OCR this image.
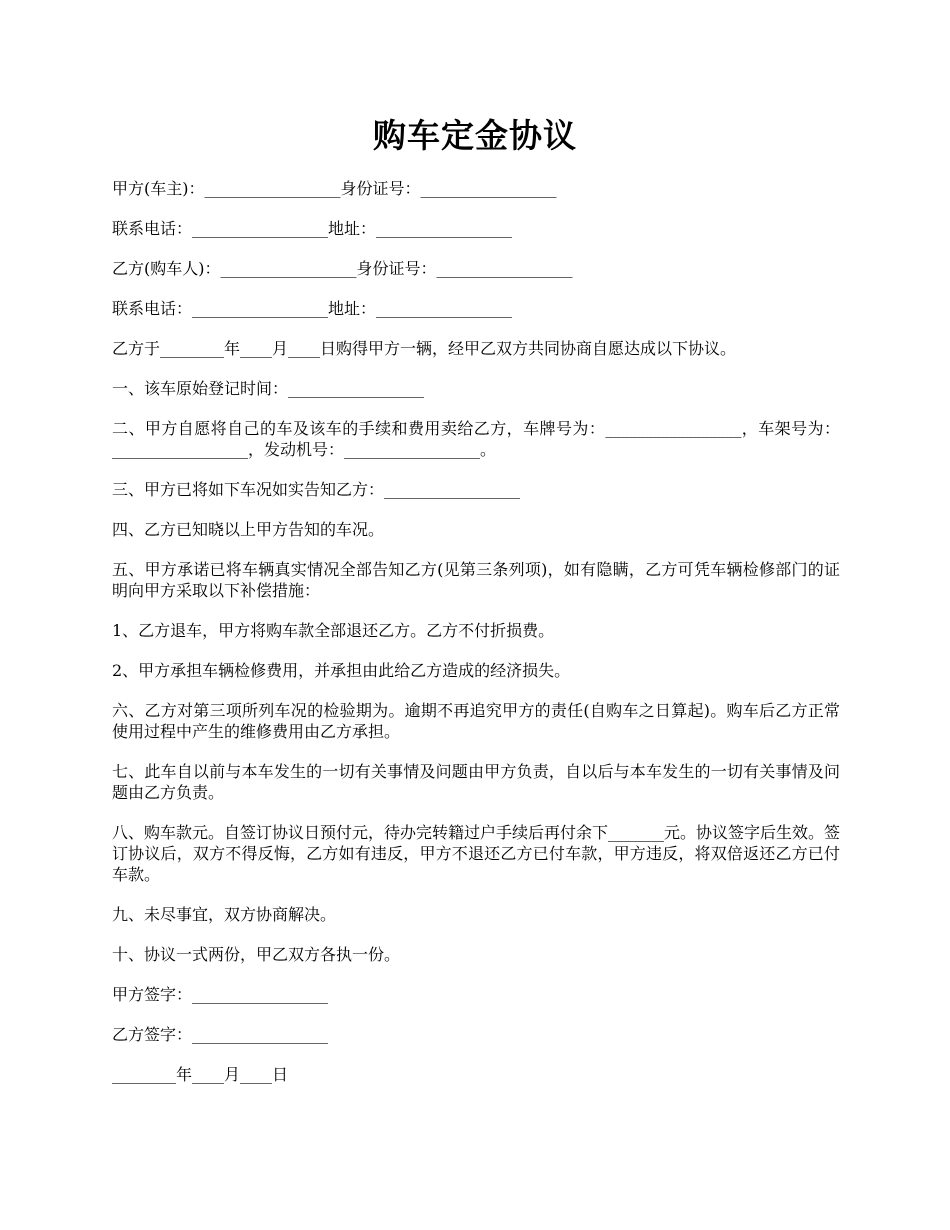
购车定金协议

甲方(车主)：_________________身份证号：_________________

联系电话：_________________地址：_________________

乙方(购车人)：_________________身份证号：_________________

联系电话：_________________地址：_________________

乙方于________年____月____日购得甲方一辆，经甲乙双方共同协商自愿达成以下协议。

一、该车原始登记时间：_________________

二、甲方自愿将自己的车及该车的手续和费用卖给乙方，车牌号为：_________________，车架号为：_________________，发动机号：_________________。

三、甲方已将如下车况如实告知乙方：_________________

四、乙方已知晓以上甲方告知的车况。

五、甲方承诺已将车辆真实情况全部告知乙方(见第三条列项)，如有隐瞒，乙方可凭车辆检修部门的证明向甲方采取以下补偿措施：

1、乙方退车，甲方将购车款全部退还乙方。乙方不付折损费。

2、甲方承担车辆检修费用，并承担由此给乙方造成的经济损失。

六、乙方对第三项所列车况的检验期为。逾期不再追究甲方的责任(自购车之日算起)。购车后乙方正常使用过程中产生的维修费用由乙方承担。

七、此车自以前与本车发生的一切有关事情及问题由甲方负责，自以后与本车发生的一切有关事情及问题由乙方负责。

八、购车款元。自签订协议日预付元，待办完转籍过户手续后再付余下_______元。协议签字后生效。签订协议后，双方不得反悔，乙方如有违反，甲方不退还乙方已付车款，甲方违反，将双倍返还乙方已付车款。

九、未尽事宜，双方协商解决。

十、协议一式两份，甲乙双方各执一份。

甲方签字：_________________

乙方签字：_________________

________年____月____日
